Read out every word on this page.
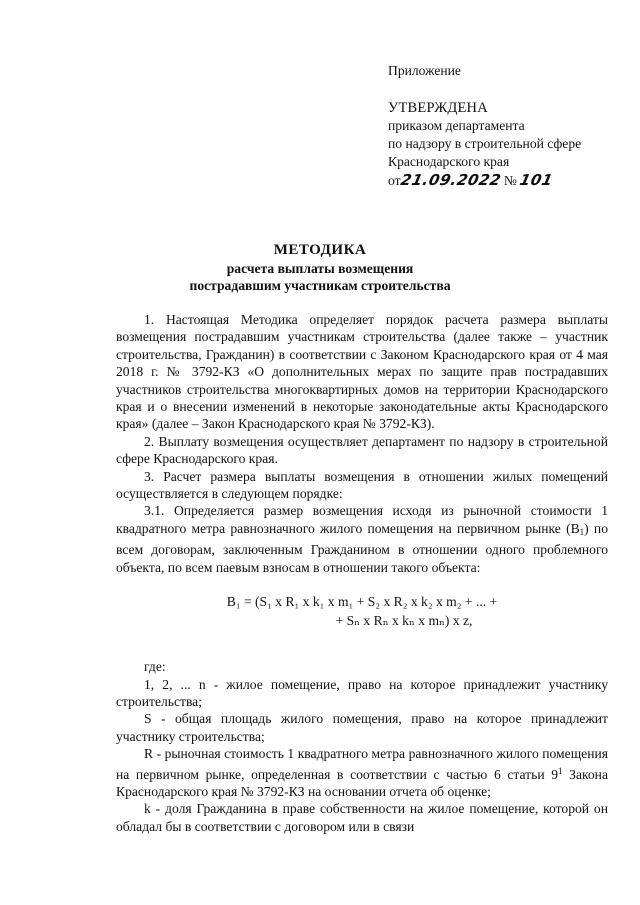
Приложение
УТВЕРЖДЕНА
приказом департамента
по надзору в строительной сфере
Краснодарского края
от21.09.2022 № 101
МЕТОДИКА
расчета выплаты возмещения
пострадавшим участникам строительства

1. Настоящая Методика определяет порядок расчета размера выплаты возмещения пострадавшим участникам строительства (далее также – участник строительства, Гражданин) в соответствии с Законом Краснодарского края от 4 мая 2018 г. № 3792-КЗ «О дополнительных мерах по защите прав пострадавших участников строительства многоквартирных домов на территории Краснодарского края и о внесении изменений в некоторые законодательные акты Краснодарского края» (далее – Закон Краснодарского края № 3792-КЗ).

2. Выплату возмещения осуществляет департамент по надзору в строительной сфере Краснодарского края.

3. Расчет размера выплаты возмещения в отношении жилых помещений осуществляется в следующем порядке:

3.1. Определяется размер возмещения исходя из рыночной стоимости 1 квадратного метра равнозначного жилого помещения на первичном рынке $(B_1)$ по всем договорам, заключенным Гражданином в отношении одного проблемного объекта, по всем паевым взносам в отношении такого объекта:

B₁ = (S₁ x R₁ x k₁ x m₁ + S₂ x R₂ x k₂ x m₂ + ... +
+ Sₙ x Rₙ x kₙ x mₙ) x z,

где:

1, 2, ... n - жилое помещение, право на которое принадлежит участнику строительства;

S - общая площадь жилого помещения, право на которое принадлежит участнику строительства;

R - рыночная стоимость 1 квадратного метра равнозначного жилого помещения на первичном рынке, определенная в соответствии с частью 6 статьи $9^1$ Закона Краснодарского края № 3792-КЗ на основании отчета об оценке;

k - доля Гражданина в праве собственности на жилое помещение, которой он обладал бы в соответствии с договором или в связи
